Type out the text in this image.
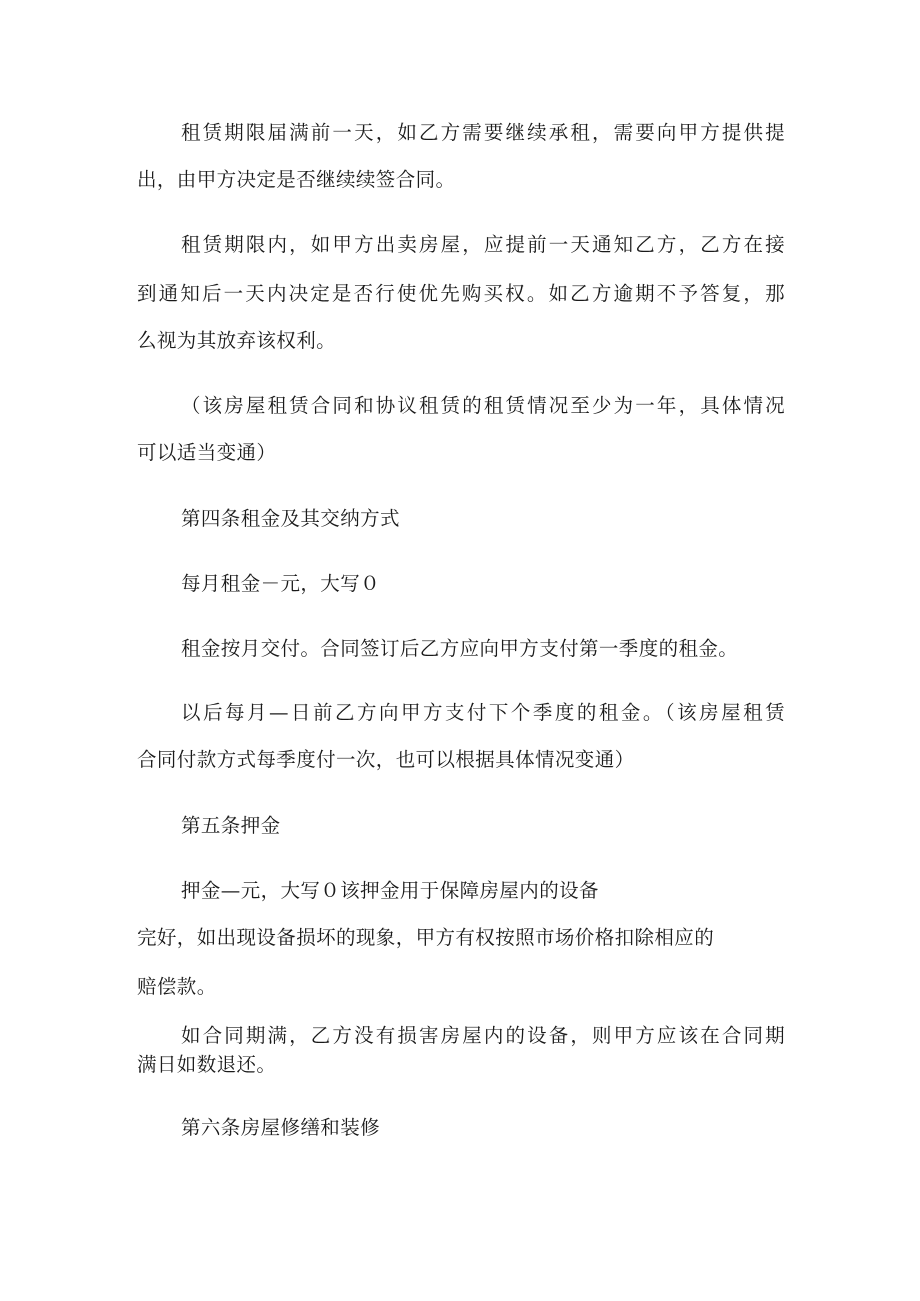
租赁期限届满前一天，如乙方需要继续承租，需要向甲方提供提
出，由甲方决定是否继续续签合同。
租赁期限内，如甲方出卖房屋，应提前一天通知乙方，乙方在接
到通知后一天内决定是否行使优先购买权。如乙方逾期不予答复，那
么视为其放弃该权利。
（该房屋租赁合同和协议租赁的租赁情况至少为一年，具体情况
可以适当变通）
第四条租金及其交纳方式
每月租金－元，大写０
租金按月交付。合同签订后乙方应向甲方支付第一季度的租金。
以后每月—日前乙方向甲方支付下个季度的租金。（该房屋租赁
合同付款方式每季度付一次，也可以根据具体情况变通）
第五条押金
押金—元，大写０该押金用于保障房屋内的设备
完好，如出现设备损坏的现象，甲方有权按照市场价格扣除相应的
赔偿款。
如合同期满，乙方没有损害房屋内的设备，则甲方应该在合同期
满日如数退还。
第六条房屋修缮和装修
